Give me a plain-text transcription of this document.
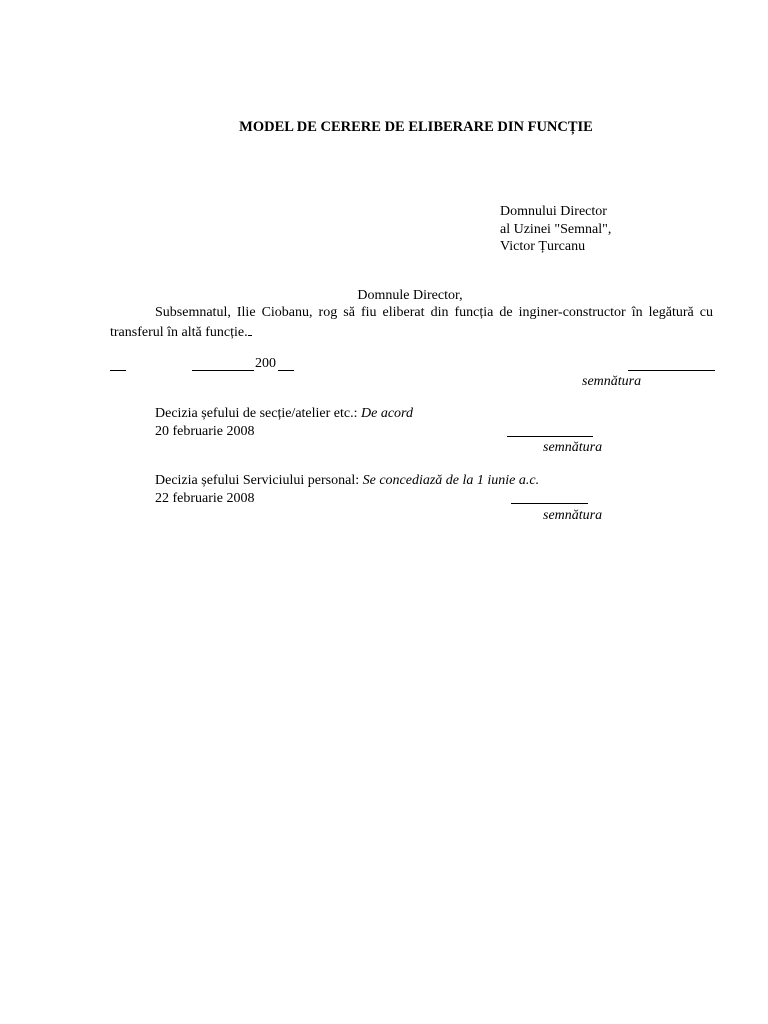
MODEL DE CERERE DE ELIBERARE DIN FUNCȚIE
Domnului Director
al Uzinei "Semnal",
Victor Țurcanu
Domnule Director,
Subsemnatul, Ilie Ciobanu, rog să fiu eliberat din funcția de inginer-constructor în legătură cu transferul în altă funcție.
200
semnătura
Decizia șefului de secție/atelier etc.: De acord
20 februarie 2008
semnătura
Decizia șefului Serviciului personal: Se concediază de la 1 iunie a.c.
22 februarie 2008
semnătura
